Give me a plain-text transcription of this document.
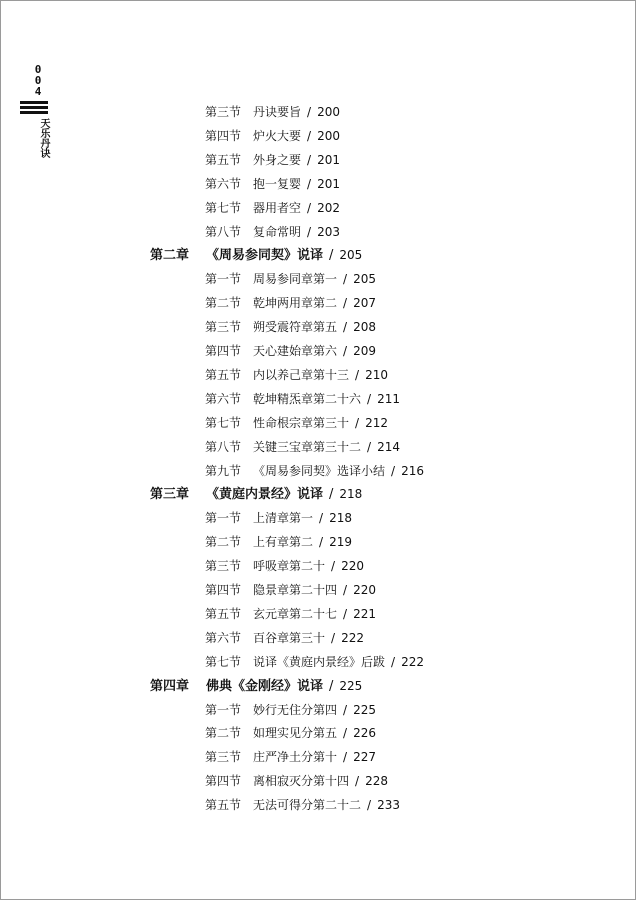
004
天乐丹诀
第三节 丹诀要旨 / 200
第四节 炉火大要 / 200
第五节 外身之要 / 201
第六节 抱一复婴 / 201
第七节 器用者空 / 202
第八节 复命常明 / 203
第二章 《周易参同契》说译 / 205
第一节 周易参同章第一 / 205
第二节 乾坤两用章第二 / 207
第三节 朔受震符章第五 / 208
第四节 天心建始章第六 / 209
第五节 内以养己章第十三 / 210
第六节 乾坤精炁章第二十六 / 211
第七节 性命根宗章第三十 / 212
第八节 关键三宝章第三十二 / 214
第九节 《周易参同契》选译小结 / 216
第三章 《黄庭内景经》说译 / 218
第一节 上清章第一 / 218
第二节 上有章第二 / 219
第三节 呼吸章第二十 / 220
第四节 隐景章第二十四 / 220
第五节 玄元章第二十七 / 221
第六节 百谷章第三十 / 222
第七节 说译《黄庭内景经》后跋 / 222
第四章 佛典《金刚经》说译 / 225
第一节 妙行无住分第四 / 225
第二节 如理实见分第五 / 226
第三节 庄严净土分第十 / 227
第四节 离相寂灭分第十四 / 228
第五节 无法可得分第二十二 / 233
